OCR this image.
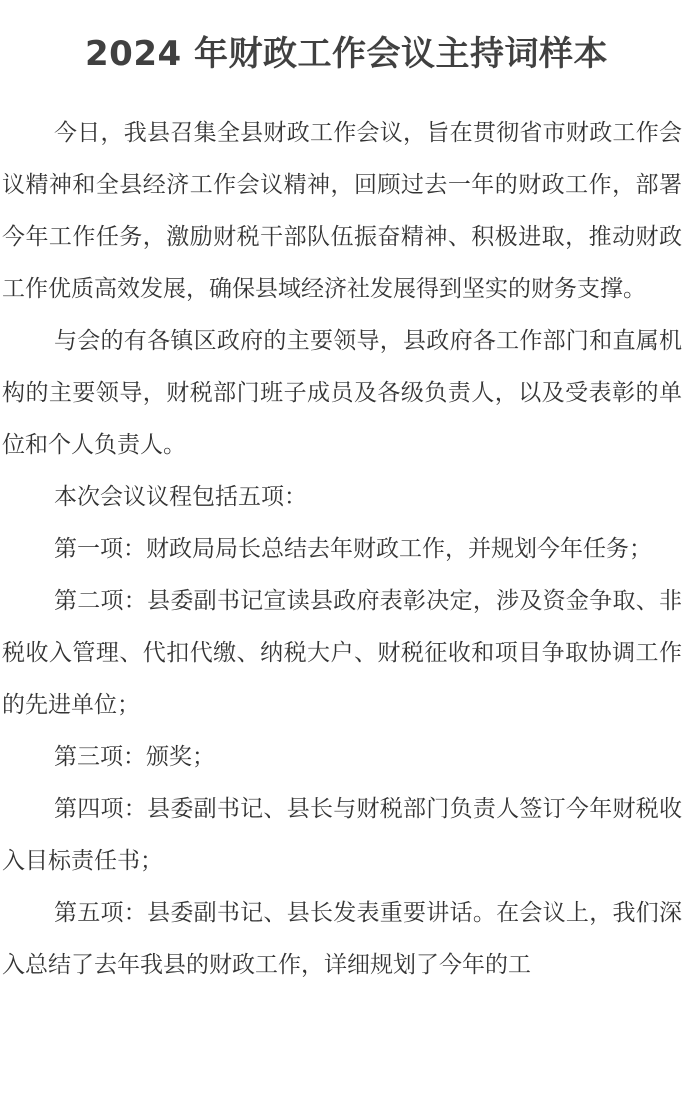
2024 年财政工作会议主持词样本

今日，我县召集全县财政工作会议，旨在贯彻省市财政工作会议精神和全县经济工作会议精神，回顾过去一年的财政工作，部署今年工作任务，激励财税干部队伍振奋精神、积极进取，推动财政工作优质高效发展，确保县域经济社发展得到坚实的财务支撑。

与会的有各镇区政府的主要领导，县政府各工作部门和直属机构的主要领导，财税部门班子成员及各级负责人，以及受表彰的单位和个人负责人。

本次会议议程包括五项：

第一项：财政局局长总结去年财政工作，并规划今年任务；

第二项：县委副书记宣读县政府表彰决定，涉及资金争取、非税收入管理、代扣代缴、纳税大户、财税征收和项目争取协调工作的先进单位；

第三项：颁奖；

第四项：县委副书记、县长与财税部门负责人签订今年财税收入目标责任书；

第五项：县委副书记、县长发表重要讲话。在会议上，我们深入总结了去年我县的财政工作，详细规划了今年的工
